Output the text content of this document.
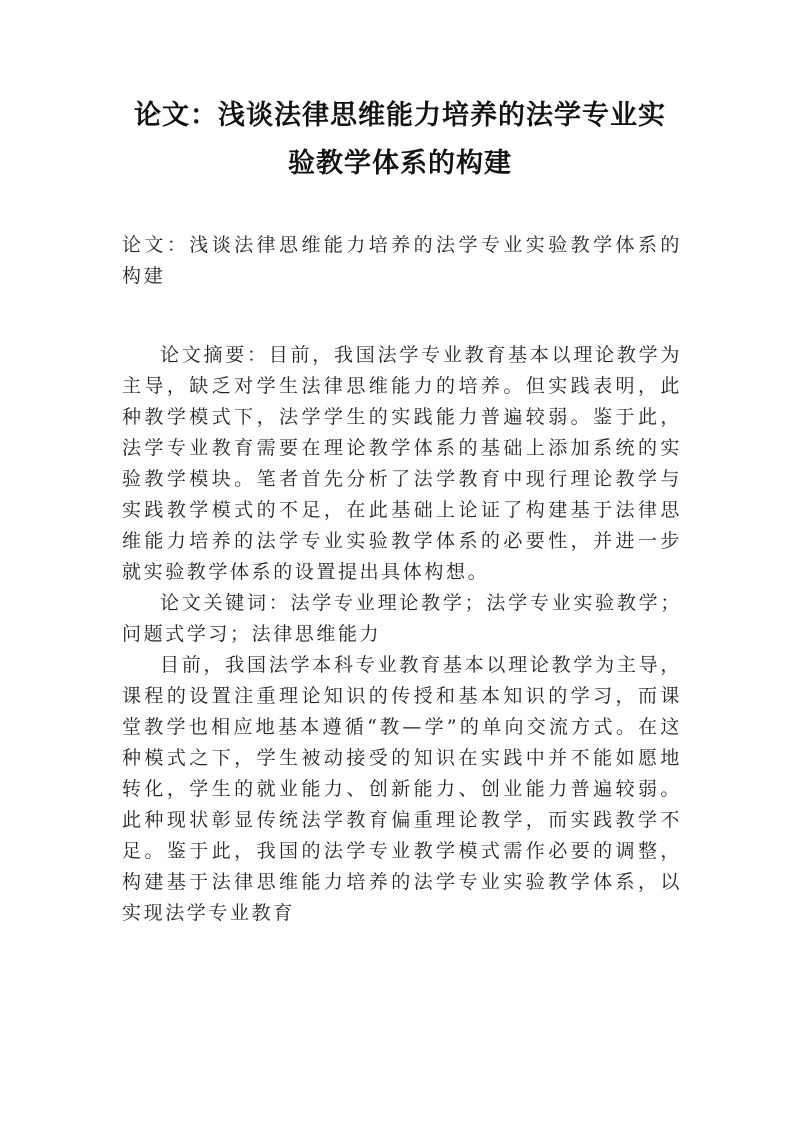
论文：浅谈法律思维能力培养的法学专业实
验教学体系的构建
论文：浅谈法律思维能力培养的法学专业实验教学体系的构建

论文摘要：目前，我国法学专业教育基本以理论教学为主导，缺乏对学生法律思维能力的培养。但实践表明，此种教学模式下，法学学生的实践能力普遍较弱。鉴于此，法学专业教育需要在理论教学体系的基础上添加系统的实验教学模块。笔者首先分析了法学教育中现行理论教学与实践教学模式的不足，在此基础上论证了构建基于法律思维能力培养的法学专业实验教学体系的必要性，并进一步就实验教学体系的设置提出具体构想。

论文关键词：法学专业理论教学；法学专业实验教学；问题式学习；法律思维能力

目前，我国法学本科专业教育基本以理论教学为主导，课程的设置注重理论知识的传授和基本知识的学习，而课堂教学也相应地基本遵循“教—学”的单向交流方式。在这种模式之下，学生被动接受的知识在实践中并不能如愿地转化，学生的就业能力、创新能力、创业能力普遍较弱。此种现状彰显传统法学教育偏重理论教学，而实践教学不足。鉴于此，我国的法学专业教学模式需作必要的调整，构建基于法律思维能力培养的法学专业实验教学体系，以实现法学专业教育
